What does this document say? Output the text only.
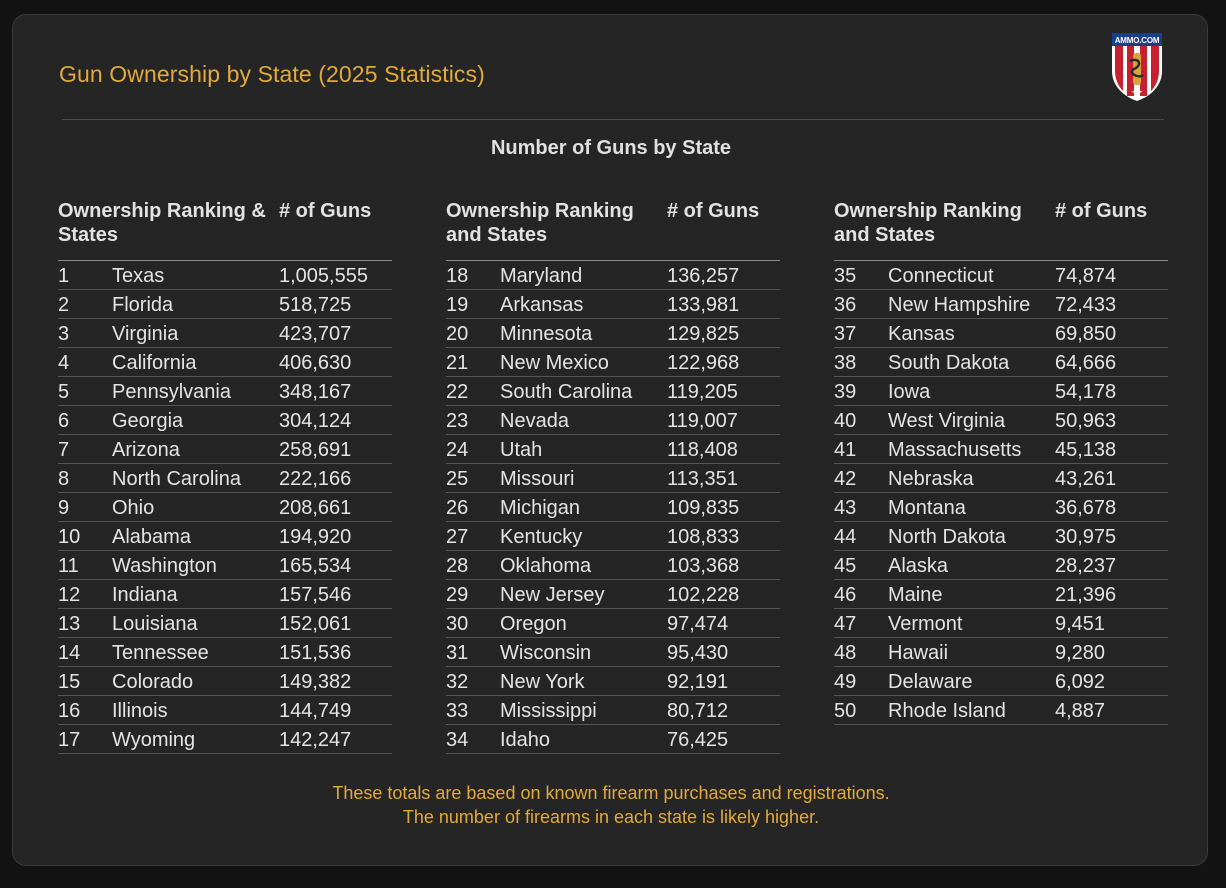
Gun Ownership by State (2025 Statistics)
AMMO.COM
Number of Guns by State
Ownership Ranking & States
# of Guns
1 Texas	1,005,555
2 Florida	518,725
3 Virginia	423,707
4 California	406,630
5 Pennsylvania 348,167
6 Georgia	304,124
7 Arizona	258,691
8 North Carolina 222,166
9 Ohio	208,661
10 Alabama	194,920
11 Washington	165,534
12 Indiana	157,546
13 Louisiana	152,061
14 Tennessee	151,536
15 Colorado	149,382
16 Illinois	144,749
17 Wyoming	142,247
Ownership Ranking and States
# of Guns
18 Maryland	136,257
19 Arkansas	133,981
20 Minnesota	129,825
21 New Mexico	122,968
22 South Carolina 119,205
23 Nevada	119,007
24 Utah	118,408
25 Missouri	113,351
26 Michigan	109,835
27 Kentucky	108,833
28 Oklahoma	103,368
29 New Jersey	102,228
30 Oregon	97,474
31 Wisconsin	95,430
32 New York	92,191
33 Mississippi	80,712
34 Idaho	76,425
Ownership Ranking and States
# of Guns
35 Connecticut	74,874
36 New Hampshire 72,433
37 Kansas	69,850
38 South Dakota 64,666
39 Iowa	54,178
40 West Virginia 50,963
41 Massachusetts 45,138
42 Nebraska	43,261
43 Montana	36,678
44 North Dakota 30,975
45 Alaska	28,237
46 Maine	21,396
47 Vermont	9,451
48 Hawaii	9,280
49 Delaware	6,092
50 Rhode Island 4,887
These totals are based on known firearm purchases and registrations.
The number of firearms in each state is likely higher.
